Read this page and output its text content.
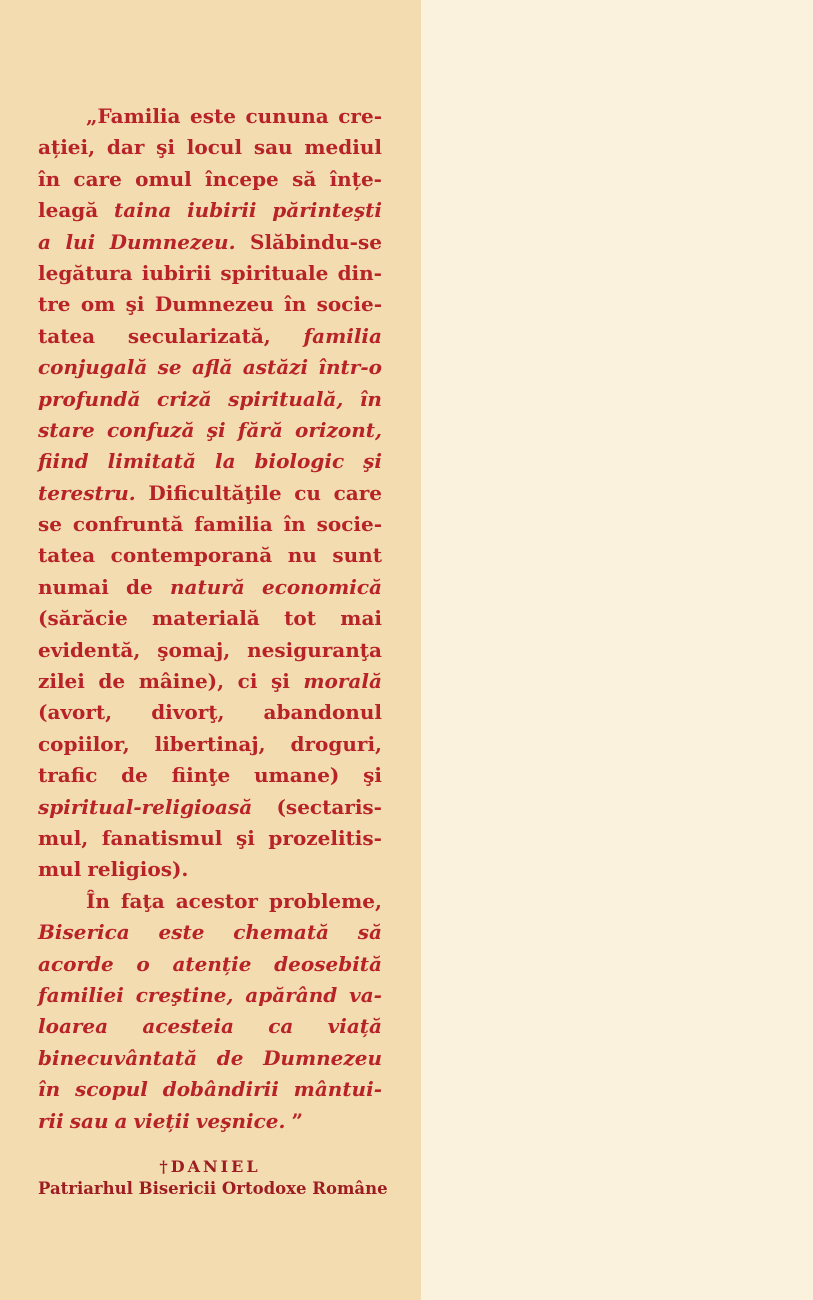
„Familia este cununa cre-
ației, dar şi locul sau mediul
în care omul începe să înțe-
leagă taina iubirii părinteşti
a lui Dumnezeu. Slăbindu-se
legătura iubirii spirituale din-
tre om şi Dumnezeu în socie-
tatea secularizată, familia
conjugală se află astăzi într-o
profundă criză spirituală, în
stare confuză şi fără orizont,
fiind limitată la biologic şi
terestru. Dificultăţile cu care
se confruntă familia în socie-
tatea contemporană nu sunt
numai de natură economică
(sărăcie materială tot mai
evidentă, şomaj, nesiguranţa
zilei de mâine), ci şi morală
(avort, divorţ, abandonul
copiilor, libertinaj, droguri,
trafic de fiinţe umane) şi
spiritual-religioasă (sectaris-
mul, fanatismul şi prozelitis-
mul religios).
În faţa acestor probleme,
Biserica este chemată să
acorde o atenție deosebită
familiei creştine, apărând va-
loarea acesteia ca viață
binecuvântată de Dumnezeu
în scopul dobândirii mântui-
rii sau a vieții veşnice. ”
†DANIEL
Patriarhul Bisericii Ortodoxe Române
